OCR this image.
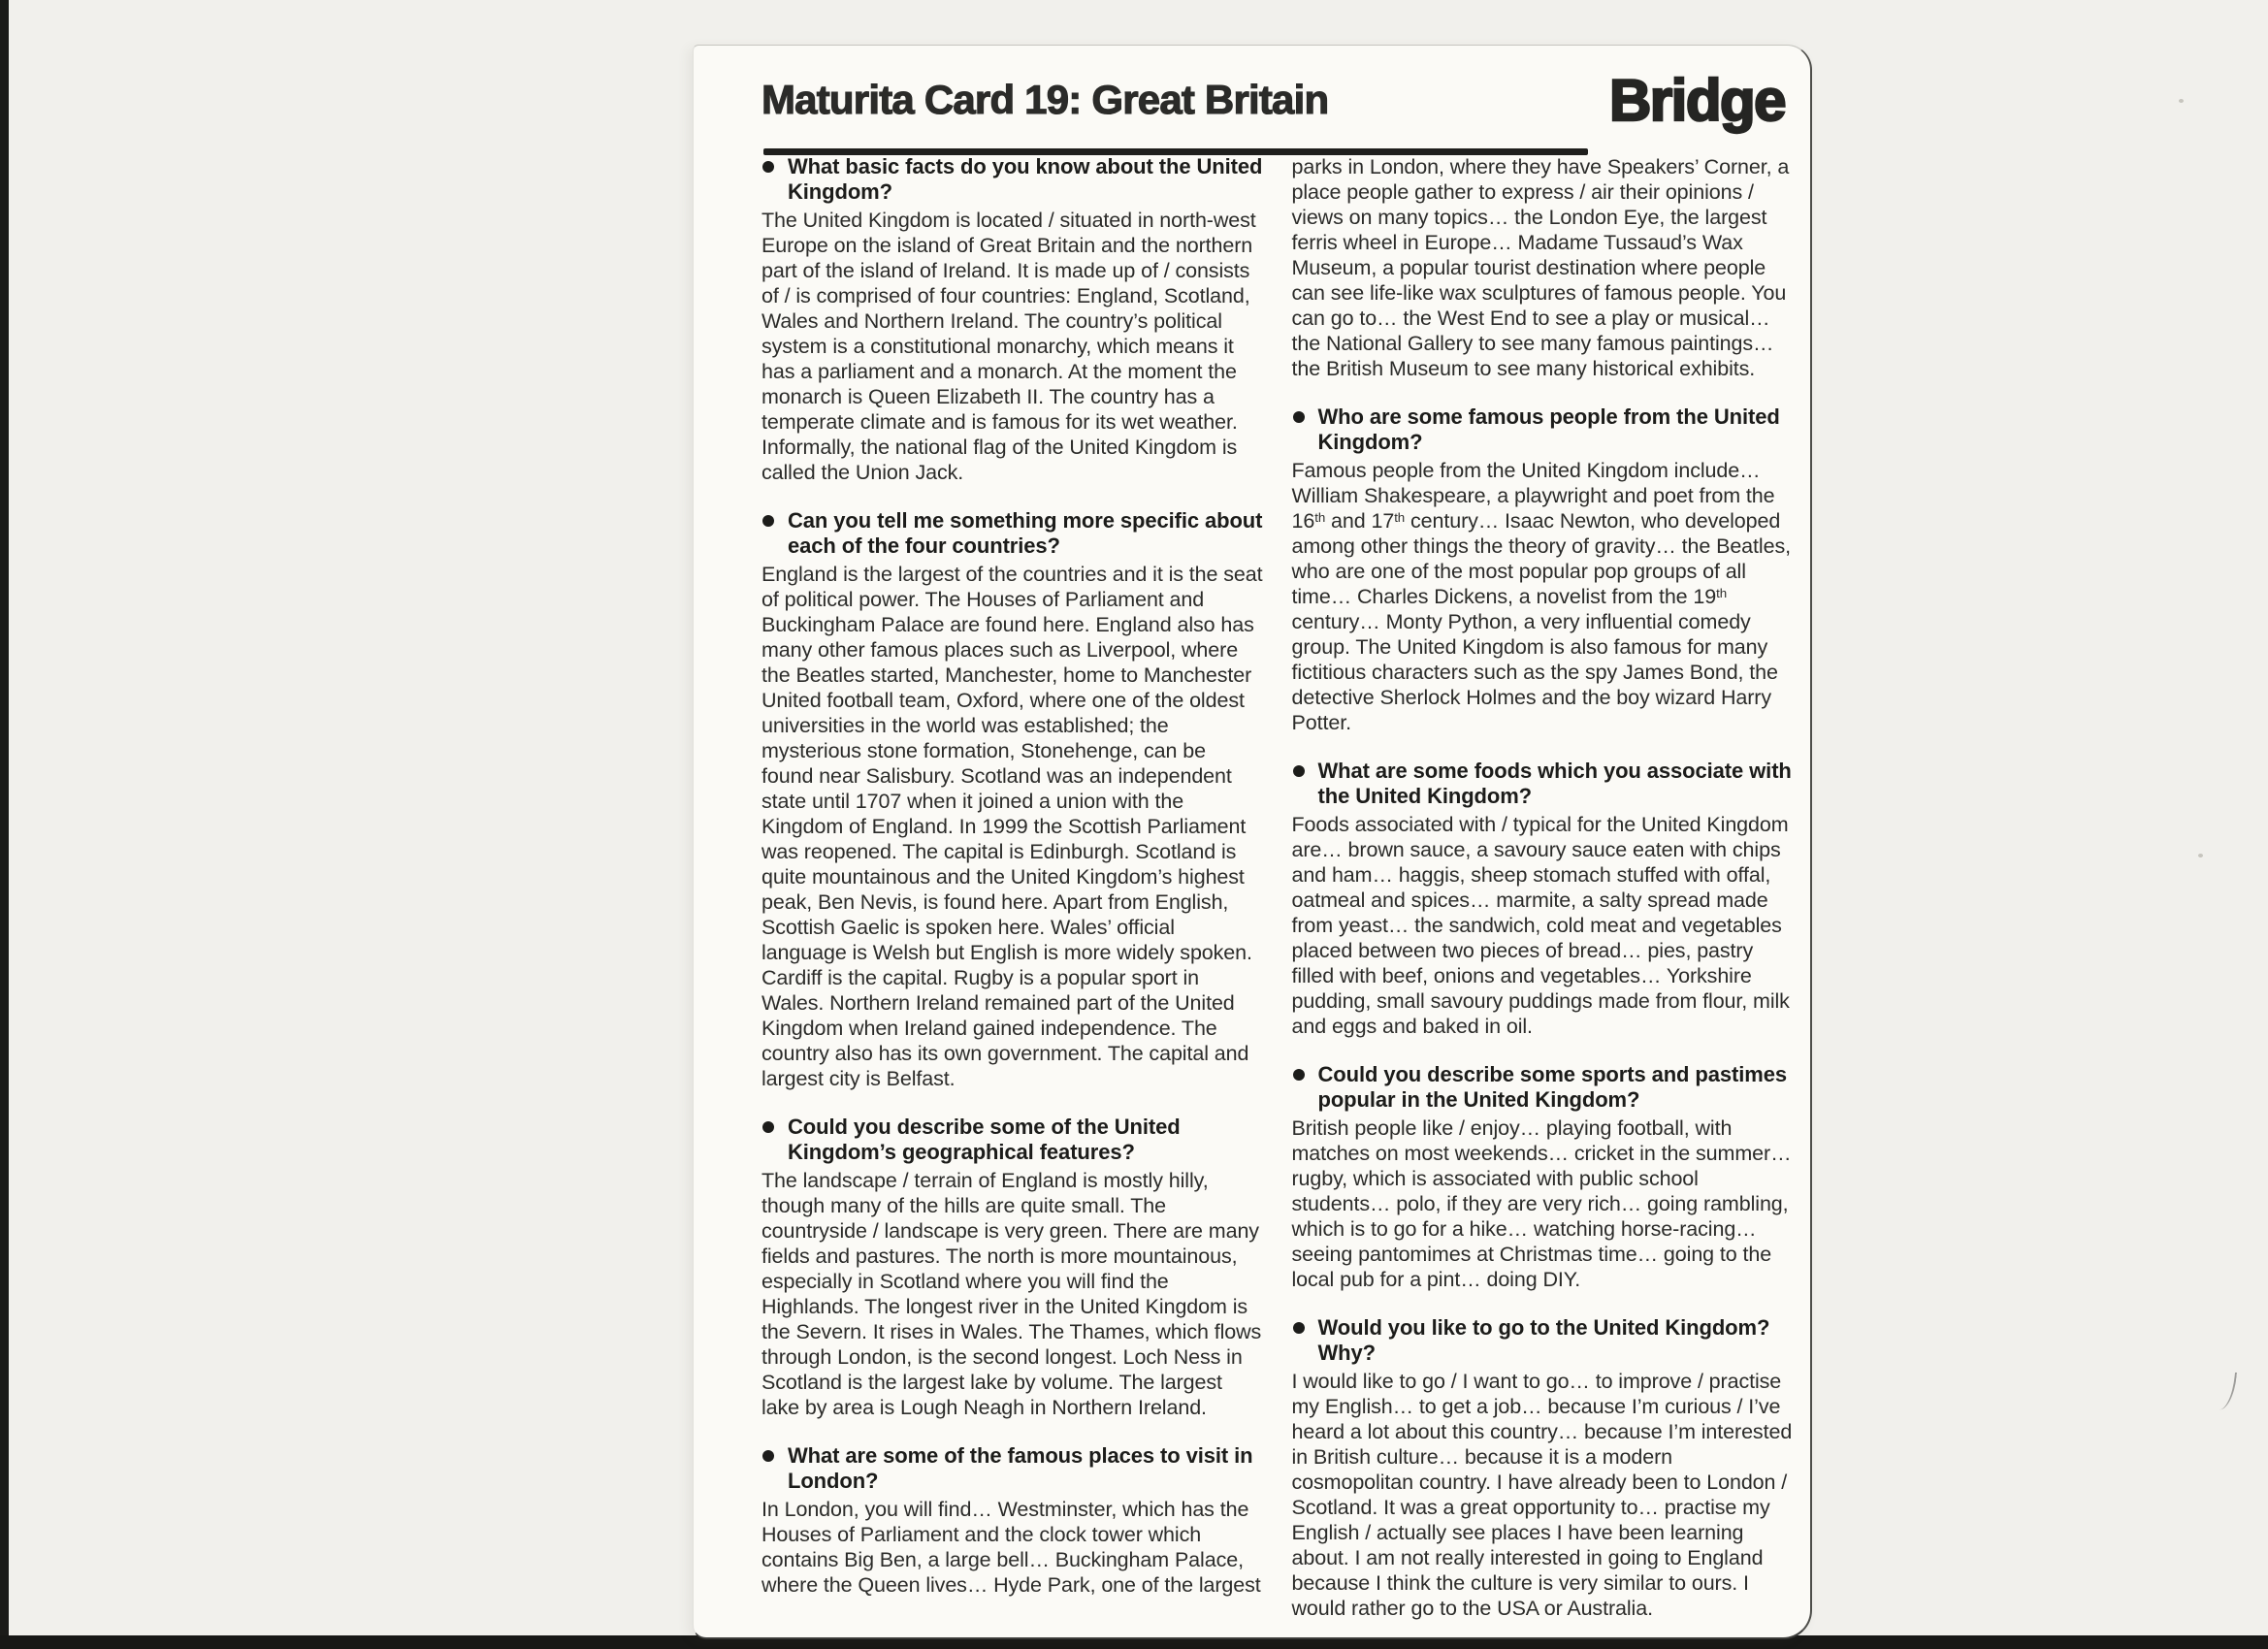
Maturita Card 19: Great Britain	Bridge
What basic facts do you know about the United Kingdom?

The United Kingdom is located / situated in north-west Europe on the island of Great Britain and the northern part of the island of Ireland. It is made up of / consists of / is comprised of four countries: England, Scotland, Wales and Northern Ireland. The country’s political system is a constitutional monarchy, which means it has a parliament and a monarch. At the moment the monarch is Queen Elizabeth II. The country has a temperate climate and is famous for its wet weather. Informally, the national flag of the United Kingdom is called the Union Jack.

Can you tell me something more specific about each of the four countries?

England is the largest of the countries and it is the seat of political power. The Houses of Parliament and Buckingham Palace are found here. England also has many other famous places such as Liverpool, where the Beatles started, Manchester, home to Manchester United football team, Oxford, where one of the oldest universities in the world was established; the mysterious stone formation, Stonehenge, can be found near Salisbury. Scotland was an independent state until 1707 when it joined a union with the Kingdom of England. In 1999 the Scottish Parliament was reopened. The capital is Edinburgh. Scotland is quite mountainous and the United Kingdom’s highest peak, Ben Nevis, is found here. Apart from English, Scottish Gaelic is spoken here. Wales’ official language is Welsh but English is more widely spoken. Cardiff is the capital. Rugby is a popular sport in Wales. Northern Ireland remained part of the United Kingdom when Ireland gained independence. The country also has its own government. The capital and largest city is Belfast.

Could you describe some of the United Kingdom’s geographical features?

The landscape / terrain of England is mostly hilly, though many of the hills are quite small. The countryside / landscape is very green. There are many fields and pastures. The north is more mountainous, especially in Scotland where you will find the Highlands. The longest river in the United Kingdom is the Severn. It rises in Wales. The Thames, which flows through London, is the second longest. Loch Ness in Scotland is the largest lake by volume. The largest lake by area is Lough Neagh in Northern Ireland.

What are some of the famous places to visit in London?

In London, you will find… Westminster, which has the Houses of Parliament and the clock tower which contains Big Ben, a large bell… Buckingham Palace, where the Queen lives… Hyde Park, one of the largest

parks in London, where they have Speakers’ Corner, a place people gather to express / air their opinions / views on many topics… the London Eye, the largest ferris wheel in Europe… Madame Tussaud’s Wax Museum, a popular tourist destination where people can see life-like wax sculptures of famous people. You can go to… the West End to see a play or musical… the National Gallery to see many famous paintings… the British Museum to see many historical exhibits.

Who are some famous people from the United Kingdom?

Famous people from the United Kingdom include… William Shakespeare, a playwright and poet from the 16th and 17th century… Isaac Newton, who developed among other things the theory of gravity… the Beatles, who are one of the most popular pop groups of all time… Charles Dickens, a novelist from the 19th century… Monty Python, a very influential comedy group. The United Kingdom is also famous for many fictitious characters such as the spy James Bond, the detective Sherlock Holmes and the boy wizard Harry Potter.

What are some foods which you associate with the United Kingdom?

Foods associated with / typical for the United Kingdom are… brown sauce, a savoury sauce eaten with chips and ham… haggis, sheep stomach stuffed with offal, oatmeal and spices… marmite, a salty spread made from yeast… the sandwich, cold meat and vegetables placed between two pieces of bread… pies, pastry filled with beef, onions and vegetables… Yorkshire pudding, small savoury puddings made from flour, milk and eggs and baked in oil.

Could you describe some sports and pastimes popular in the United Kingdom?

British people like / enjoy… playing football, with matches on most weekends… cricket in the summer… rugby, which is associated with public school students… polo, if they are very rich… going rambling, which is to go for a hike… watching horse-racing… seeing pantomimes at Christmas time… going to the local pub for a pint… doing DIY.

Would you like to go to the United Kingdom? Why?

I would like to go / I want to go… to improve / practise my English… to get a job… because I’m curious / I’ve heard a lot about this country… because I’m interested in British culture… because it is a modern cosmopolitan country. I have already been to London / Scotland. It was a great opportunity to… practise my English / actually see places I have been learning about. I am not really interested in going to England because I think the culture is very similar to ours. I would rather go to the USA or Australia.
